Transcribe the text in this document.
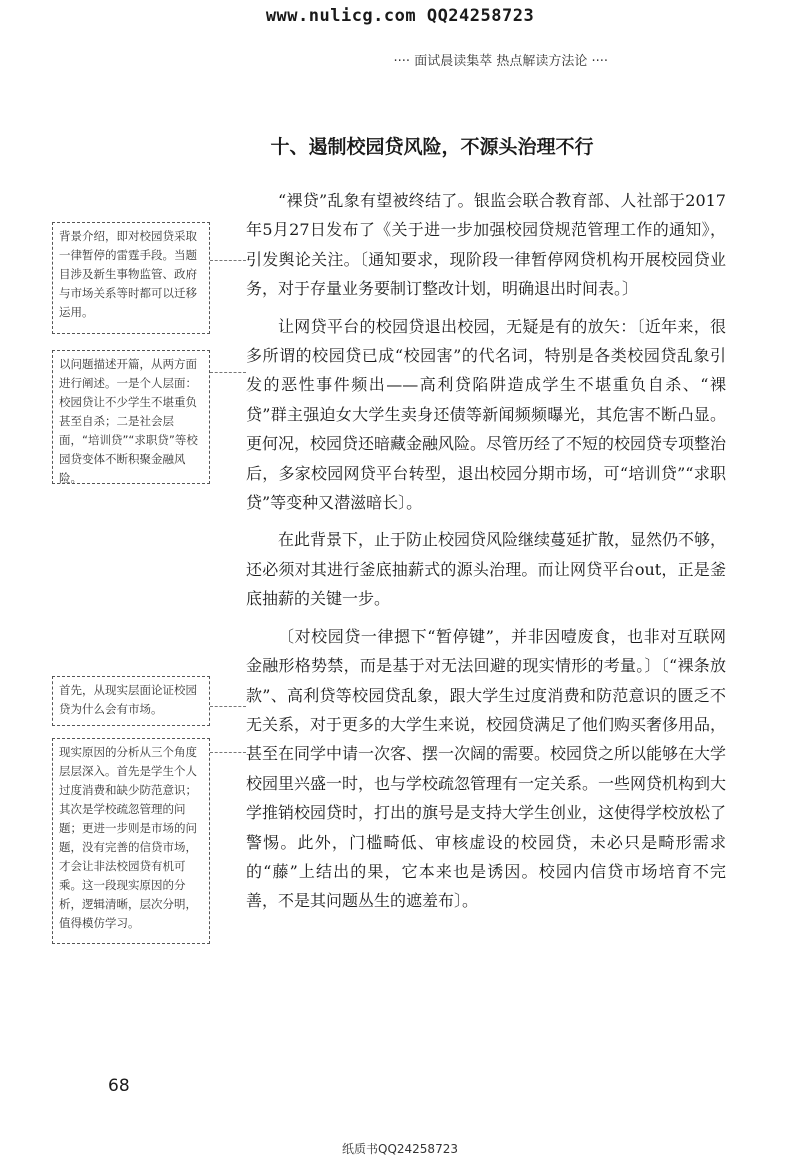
www.nulicg.com QQ24258723
···· 面试晨读集萃 热点解读方法论 ····
十、遏制校园贷风险，不源头治理不行

“裸贷”乱象有望被终结了。银监会联合教育部、人社部于2017年5月27日发布了《关于进一步加强校园贷规范管理工作的通知》，引发舆论关注。〔通知要求，现阶段一律暂停网贷机构开展校园贷业务，对于存量业务要制订整改计划，明确退出时间表。〕

让网贷平台的校园贷退出校园，无疑是有的放矢：〔近年来，很多所谓的校园贷已成“校园害”的代名词，特别是各类校园贷乱象引发的恶性事件频出——高利贷陷阱造成学生不堪重负自杀、“裸贷”群主强迫女大学生卖身还债等新闻频频曝光，其危害不断凸显。更何况，校园贷还暗藏金融风险。尽管历经了不短的校园贷专项整治后，多家校园网贷平台转型，退出校园分期市场，可“培训贷”“求职贷”等变种又潜滋暗长〕。

在此背景下，止于防止校园贷风险继续蔓延扩散，显然仍不够，还必须对其进行釜底抽薪式的源头治理。而让网贷平台out，正是釜底抽薪的关键一步。

〔对校园贷一律摁下“暂停键”，并非因噎废食，也非对互联网金融形格势禁，而是基于对无法回避的现实情形的考量。〕〔“裸条放款”、高利贷等校园贷乱象，跟大学生过度消费和防范意识的匮乏不无关系，对于更多的大学生来说，校园贷满足了他们购买奢侈用品，甚至在同学中请一次客、摆一次阔的需要。校园贷之所以能够在大学校园里兴盛一时，也与学校疏忽管理有一定关系。一些网贷机构到大学推销校园贷时，打出的旗号是支持大学生创业，这使得学校放松了警惕。此外，门槛畸低、审核虚设的校园贷，未必只是畸形需求的“藤”上结出的果，它本来也是诱因。校园内信贷市场培育不完善，不是其问题丛生的遮羞布〕。

背景介绍，即对校园贷采取一律暂停的雷霆手段。当题目涉及新生事物监管、政府与市场关系等时都可以迁移运用。
以问题描述开篇，从两方面进行阐述。一是个人层面：校园贷让不少学生不堪重负甚至自杀；二是社会层面，“培训贷”“求职贷”等校园贷变体不断积聚金融风险。
首先，从现实层面论证校园贷为什么会有市场。
现实原因的分析从三个角度层层深入。首先是学生个人过度消费和缺少防范意识；其次是学校疏忽管理的问题；更进一步则是市场的问题，没有完善的信贷市场，才会让非法校园贷有机可乘。这一段现实原因的分析，逻辑清晰，层次分明，值得模仿学习。
68
纸质书QQ24258723
